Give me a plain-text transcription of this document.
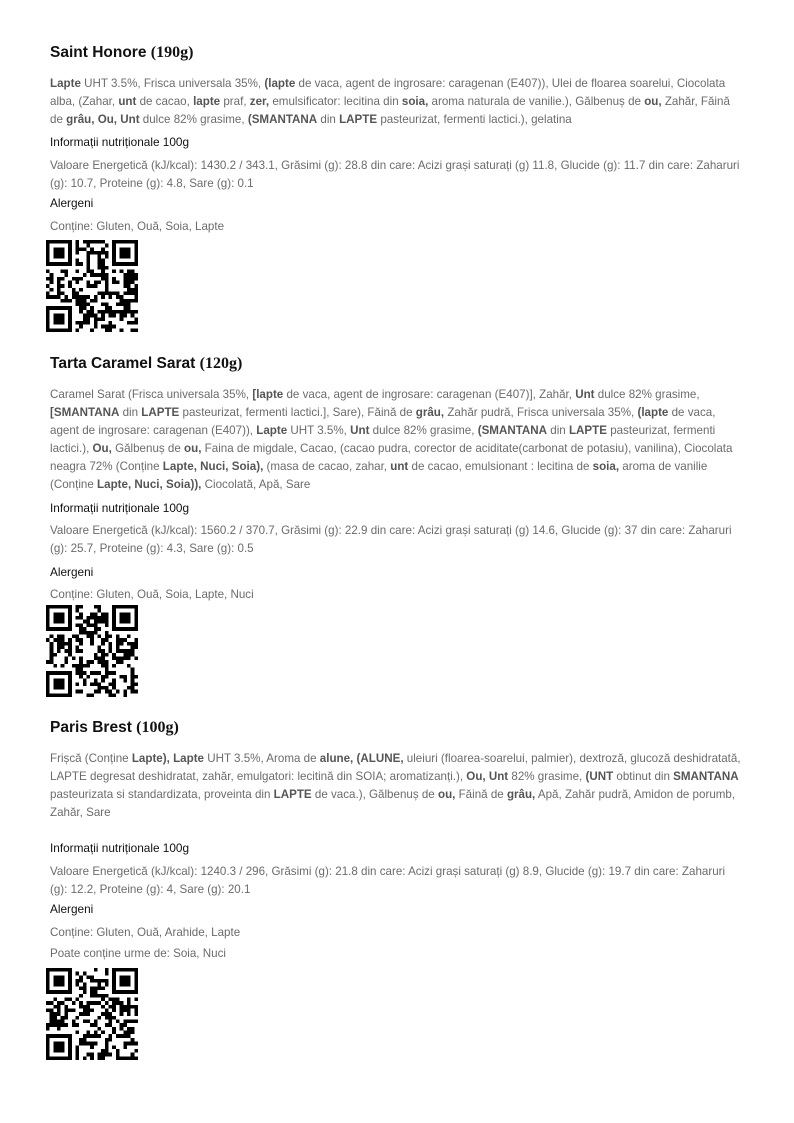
Saint Honore (190g)

Lapte UHT 3.5%, Frisca universala 35%, (lapte de vaca, agent de ingrosare: caragenan (E407)), Ulei de floarea soarelui, Ciocolata alba, (Zahar, unt de cacao, lapte praf, zer, emulsificator: lecitina din soia, aroma naturala de vanilie.), Gălbenuș de ou, Zahăr, Făină de grâu, Ou, Unt dulce 82% grasime, (SMANTANA din LAPTE pasteurizat, fermenti lactici.), gelatina

Informații nutriționale 100g

Valoare Energetică (kJ/kcal): 1430.2 / 343.1, Grăsimi (g): 28.8 din care: Acizi grași saturați (g) 11.8, Glucide (g): 11.7 din care: Zaharuri (g): 10.7, Proteine (g): 4.8, Sare (g): 0.1

Alergeni

Conține: Gluten, Ouă, Soia, Lapte

Tarta Caramel Sarat (120g)

Caramel Sarat (Frisca universala 35%, [lapte de vaca, agent de ingrosare: caragenan (E407)], Zahăr, Unt dulce 82% grasime, [SMANTANA din LAPTE pasteurizat, fermenti lactici.], Sare), Făină de grâu, Zahăr pudră, Frisca universala 35%, (lapte de vaca, agent de ingrosare: caragenan (E407)), Lapte UHT 3.5%, Unt dulce 82% grasime, (SMANTANA din LAPTE pasteurizat, fermenti lactici.), Ou, Gălbenuș de ou, Faina de migdale, Cacao, (cacao pudra, corector de aciditate(carbonat de potasiu), vanilina), Ciocolata neagra 72% (Conține Lapte, Nuci, Soia), (masa de cacao, zahar, unt de cacao, emulsionant : lecitina de soia, aroma de vanilie (Conține Lapte, Nuci, Soia)), Ciocolată, Apă, Sare

Informații nutriționale 100g

Valoare Energetică (kJ/kcal): 1560.2 / 370.7, Grăsimi (g): 22.9 din care: Acizi grași saturați (g) 14.6, Glucide (g): 37 din care: Zaharuri (g): 25.7, Proteine (g): 4.3, Sare (g): 0.5

Alergeni

Conține: Gluten, Ouă, Soia, Lapte, Nuci

Paris Brest (100g)

Frișcă (Conține Lapte), Lapte UHT 3.5%, Aroma de alune, (ALUNE, uleiuri (floarea-soarelui, palmier), dextroză, glucoză deshidratată, LAPTE degresat deshidratat, zahăr, emulgatori: lecitină din SOIA; aromatizanți.), Ou, Unt 82% grasime, (UNT obtinut din SMANTANA pasteurizata si standardizata, proveinta din LAPTE de vaca.), Gălbenuș de ou, Făină de grâu, Apă, Zahăr pudră, Amidon de porumb, Zahăr, Sare

Informații nutriționale 100g

Valoare Energetică (kJ/kcal): 1240.3 / 296, Grăsimi (g): 21.8 din care: Acizi grași saturați (g) 8.9, Glucide (g): 19.7 din care: Zaharuri (g): 12.2, Proteine (g): 4, Sare (g): 20.1

Alergeni

Conține: Gluten, Ouă, Arahide, Lapte

Poate conține urme de: Soia, Nuci
